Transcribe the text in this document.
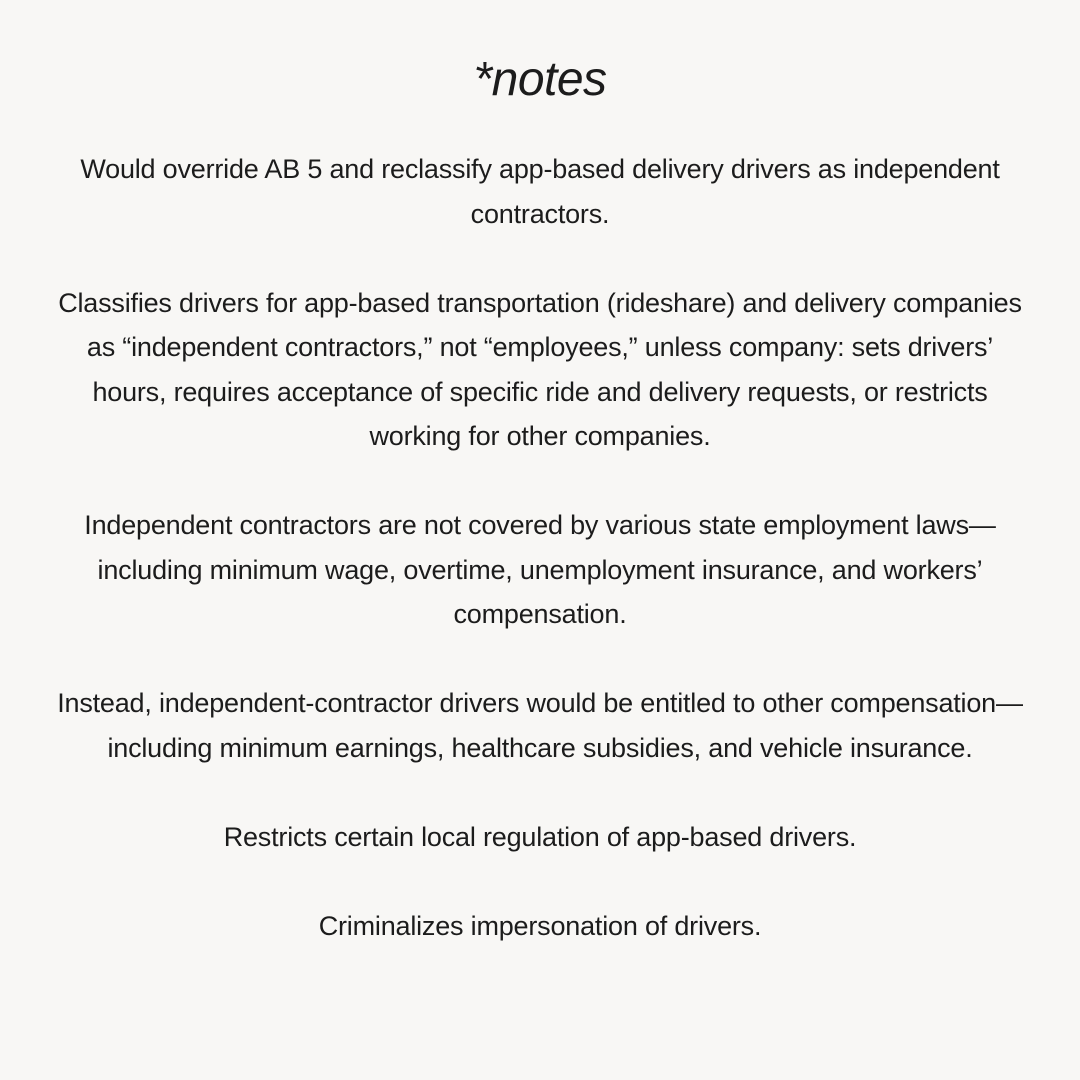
*notes

Would override AB 5 and reclassify app-based delivery drivers as independent contractors.

Classifies drivers for app-based transportation (rideshare) and delivery companies as “independent contractors,” not “employees,” unless company: sets drivers’ hours, requires acceptance of specific ride and delivery requests, or restricts working for other companies.

Independent contractors are not covered by various state employment laws—including minimum wage, overtime, unemployment insurance, and workers’ compensation.

Instead, independent-contractor drivers would be entitled to other compensation—including minimum earnings, healthcare subsidies, and vehicle insurance.

Restricts certain local regulation of app-based drivers.

Criminalizes impersonation of drivers.
